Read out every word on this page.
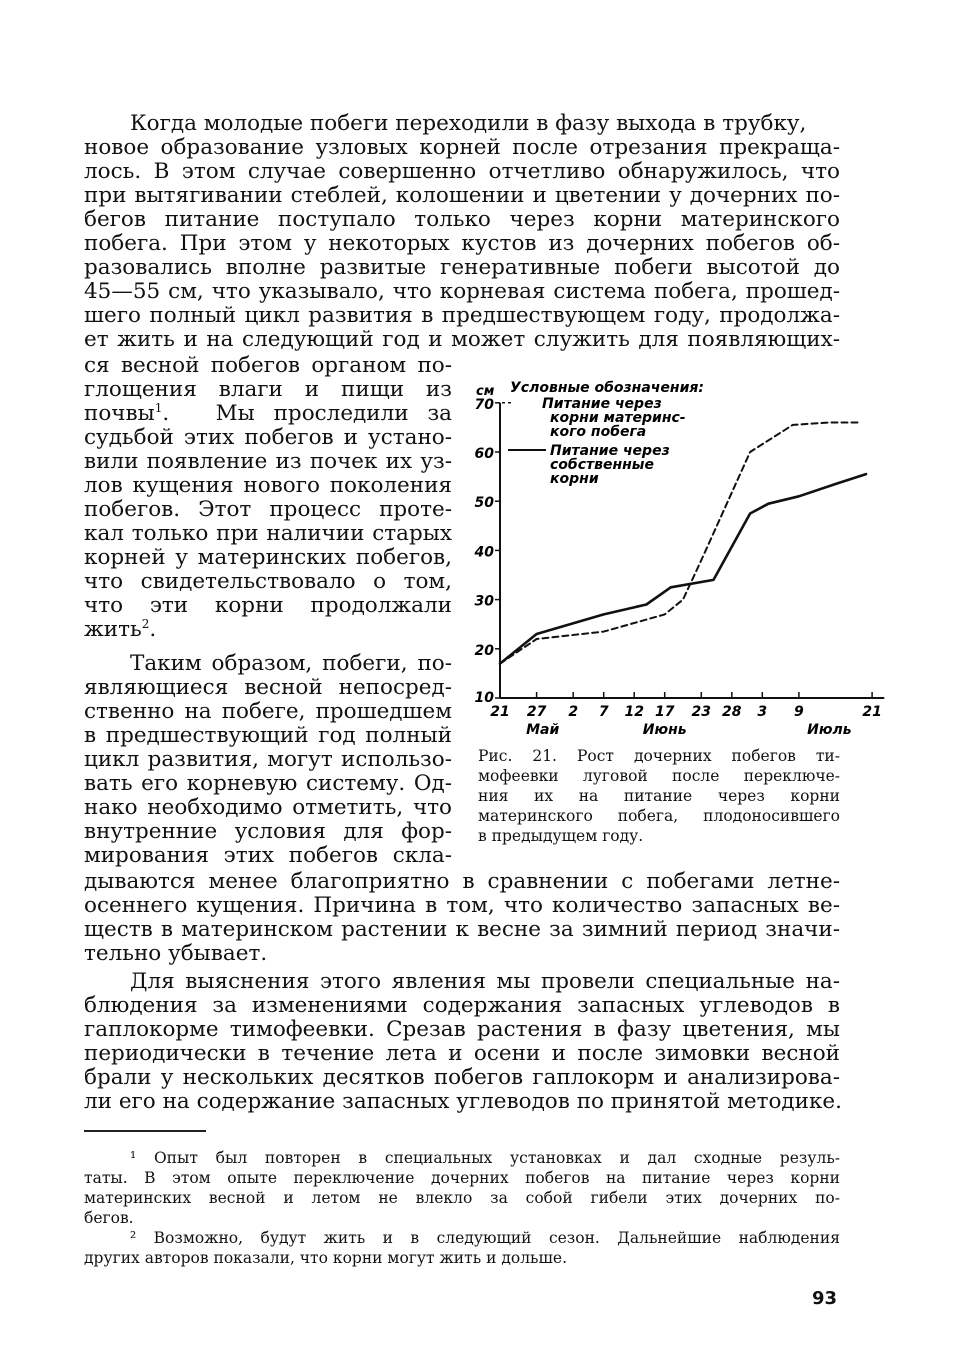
Когда молодые побеги переходили в фазу выхода в трубку,
новое образование узловых корней после отрезания прекраща-
лось. В этом случае совершенно отчетливо обнаружилось, что
при вытягивании стеблей, колошении и цветении у дочерних по-
бегов питание поступало только через корни материнского
побега. При этом у некоторых кустов из дочерних побегов об-
разовались вполне развитые генеративные побеги высотой до
45—55 см, что указывало, что корневая система побега, прошед-
шего полный цикл развития в предшествующем году, продолжа-
ет жить и на следующий год и может служить для появляющих-
ся весной побегов органом по-
глощения влаги и пищи из
почвы$^1$. Мы проследили за
судьбой этих побегов и устано-
вили появление из почек их уз-
лов кущения нового поколения
побегов. Этот процесс проте-
кал только при наличии старых
корней у материнских побегов,
что свидетельствовало о том,
что эти корни продолжали
жить$^2$.
Таким образом, побеги, по-
являющиеся весной непосред-
ственно на побеге, прошедшем
в предшествующий год полный
цикл развития, могут использо-
вать его корневую систему. Од-
нако необходимо отметить, что
внутренние условия для фор-
мирования этих побегов скла-
дываются менее благоприятно в сравнении с побегами летне-
осеннего кущения. Причина в том, что количество запасных ве-
ществ в материнском растении к весне за зимний период значи-
тельно убывает.
Для выяснения этого явления мы провели специальные на-
блюдения за изменениями содержания запасных углеводов в
гаплокорме тимофеевки. Срезав растения в фазу цветения, мы
периодически в течение лета и осени и после зимовки весной
брали у нескольких десятков побегов гаплокорм и анализирова-
ли его на содержание запасных углеводов по принятой методике.
10
20
30
40
50
60
70
см
21 27 2 7 12 17 23 28 3 9	21
Май	Июнь	Июль
Условные обозначения:
Питание через
корни материнс-
кого побега
Питание через
собственные
корни
Рис. 21. Рост дочерних побегов ти-
мофеевки луговой после переключе-
ния их на питание через корни
материнского побега, плодоносившего
в предыдущем году.
¹ Опыт был повторен в специальных установках и дал сходные резуль-
таты. В этом опыте переключение дочерних побегов на питание через корни
материнских весной и летом не влекло за собой гибели этих дочерних по-
бегов.
² Возможно, будут жить и в следующий сезон. Дальнейшие наблюдения
других авторов показали, что корни могут жить и дольше.
93
